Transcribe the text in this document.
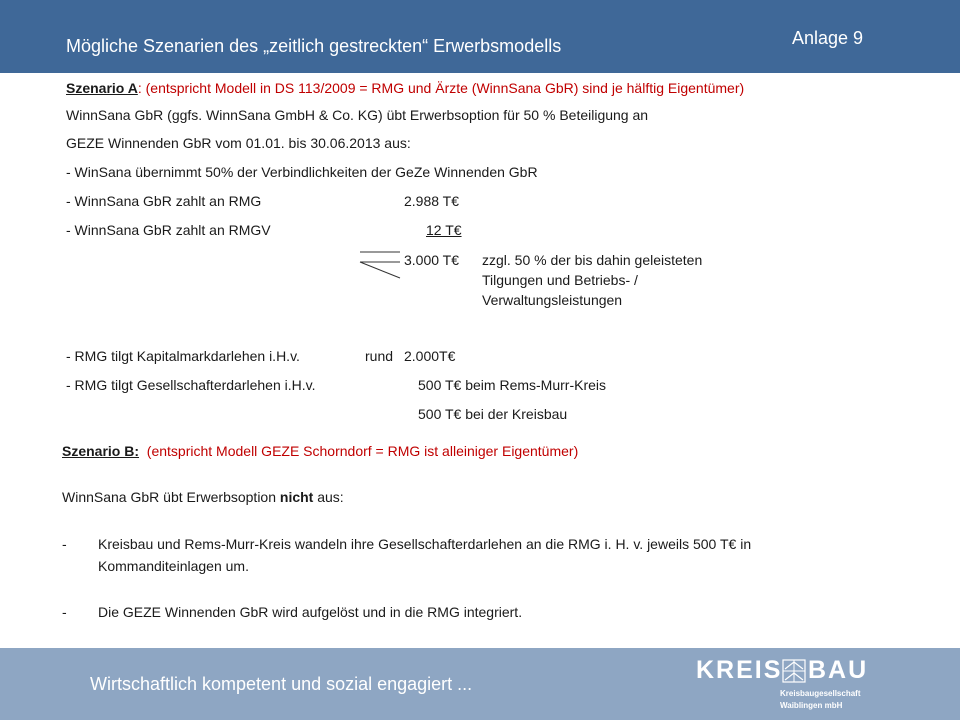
Mögliche Szenarien des „zeitlich gestreckten“ Erwerbsmodells	Anlage 9
Szenario A: (entspricht Modell in DS 113/2009 = RMG und Ärzte (WinnSana GbR) sind je hälftig Eigentümer)
WinnSana GbR (ggfs. WinnSana GmbH & Co. KG) übt Erwerbsoption für 50 % Beteiligung an
GEZE Winnenden GbR vom 01.01. bis 30.06.2013 aus:
- WinSana übernimmt 50% der Verbindlichkeiten der GeZe Winnenden GbR
- WinnSana GbR zahlt an RMG	2.988 T€
- WinnSana GbR zahlt an RMGV	12 T€
3.000 T€ zzgl. 50 % der bis dahin geleisteten
Tilgungen und Betriebs- /
Verwaltungsleistungen
- RMG tilgt Kapitalmarkdarlehen i.H.v.	rund 2.000T€
- RMG tilgt Gesellschafterdarlehen i.H.v.	500 T€ beim Rems-Murr-Kreis
500 T€ bei der Kreisbau
Szenario B: (entspricht Modell GEZE Schorndorf = RMG ist alleiniger Eigentümer)
WinnSana GbR übt Erwerbsoption nicht aus:
- Kreisbau und Rems-Murr-Kreis wandeln ihre Gesellschafterdarlehen an die RMG i. H. v. jeweils 500 T€ in
Kommanditeinlagen um.
- Die GEZE Winnenden GbR wird aufgelöst und in die RMG integriert.
Wirtschaftlich kompetent und sozial engagiert ...	KREIS BAU
Kreisbaugesellschaft
Waiblingen mbH
